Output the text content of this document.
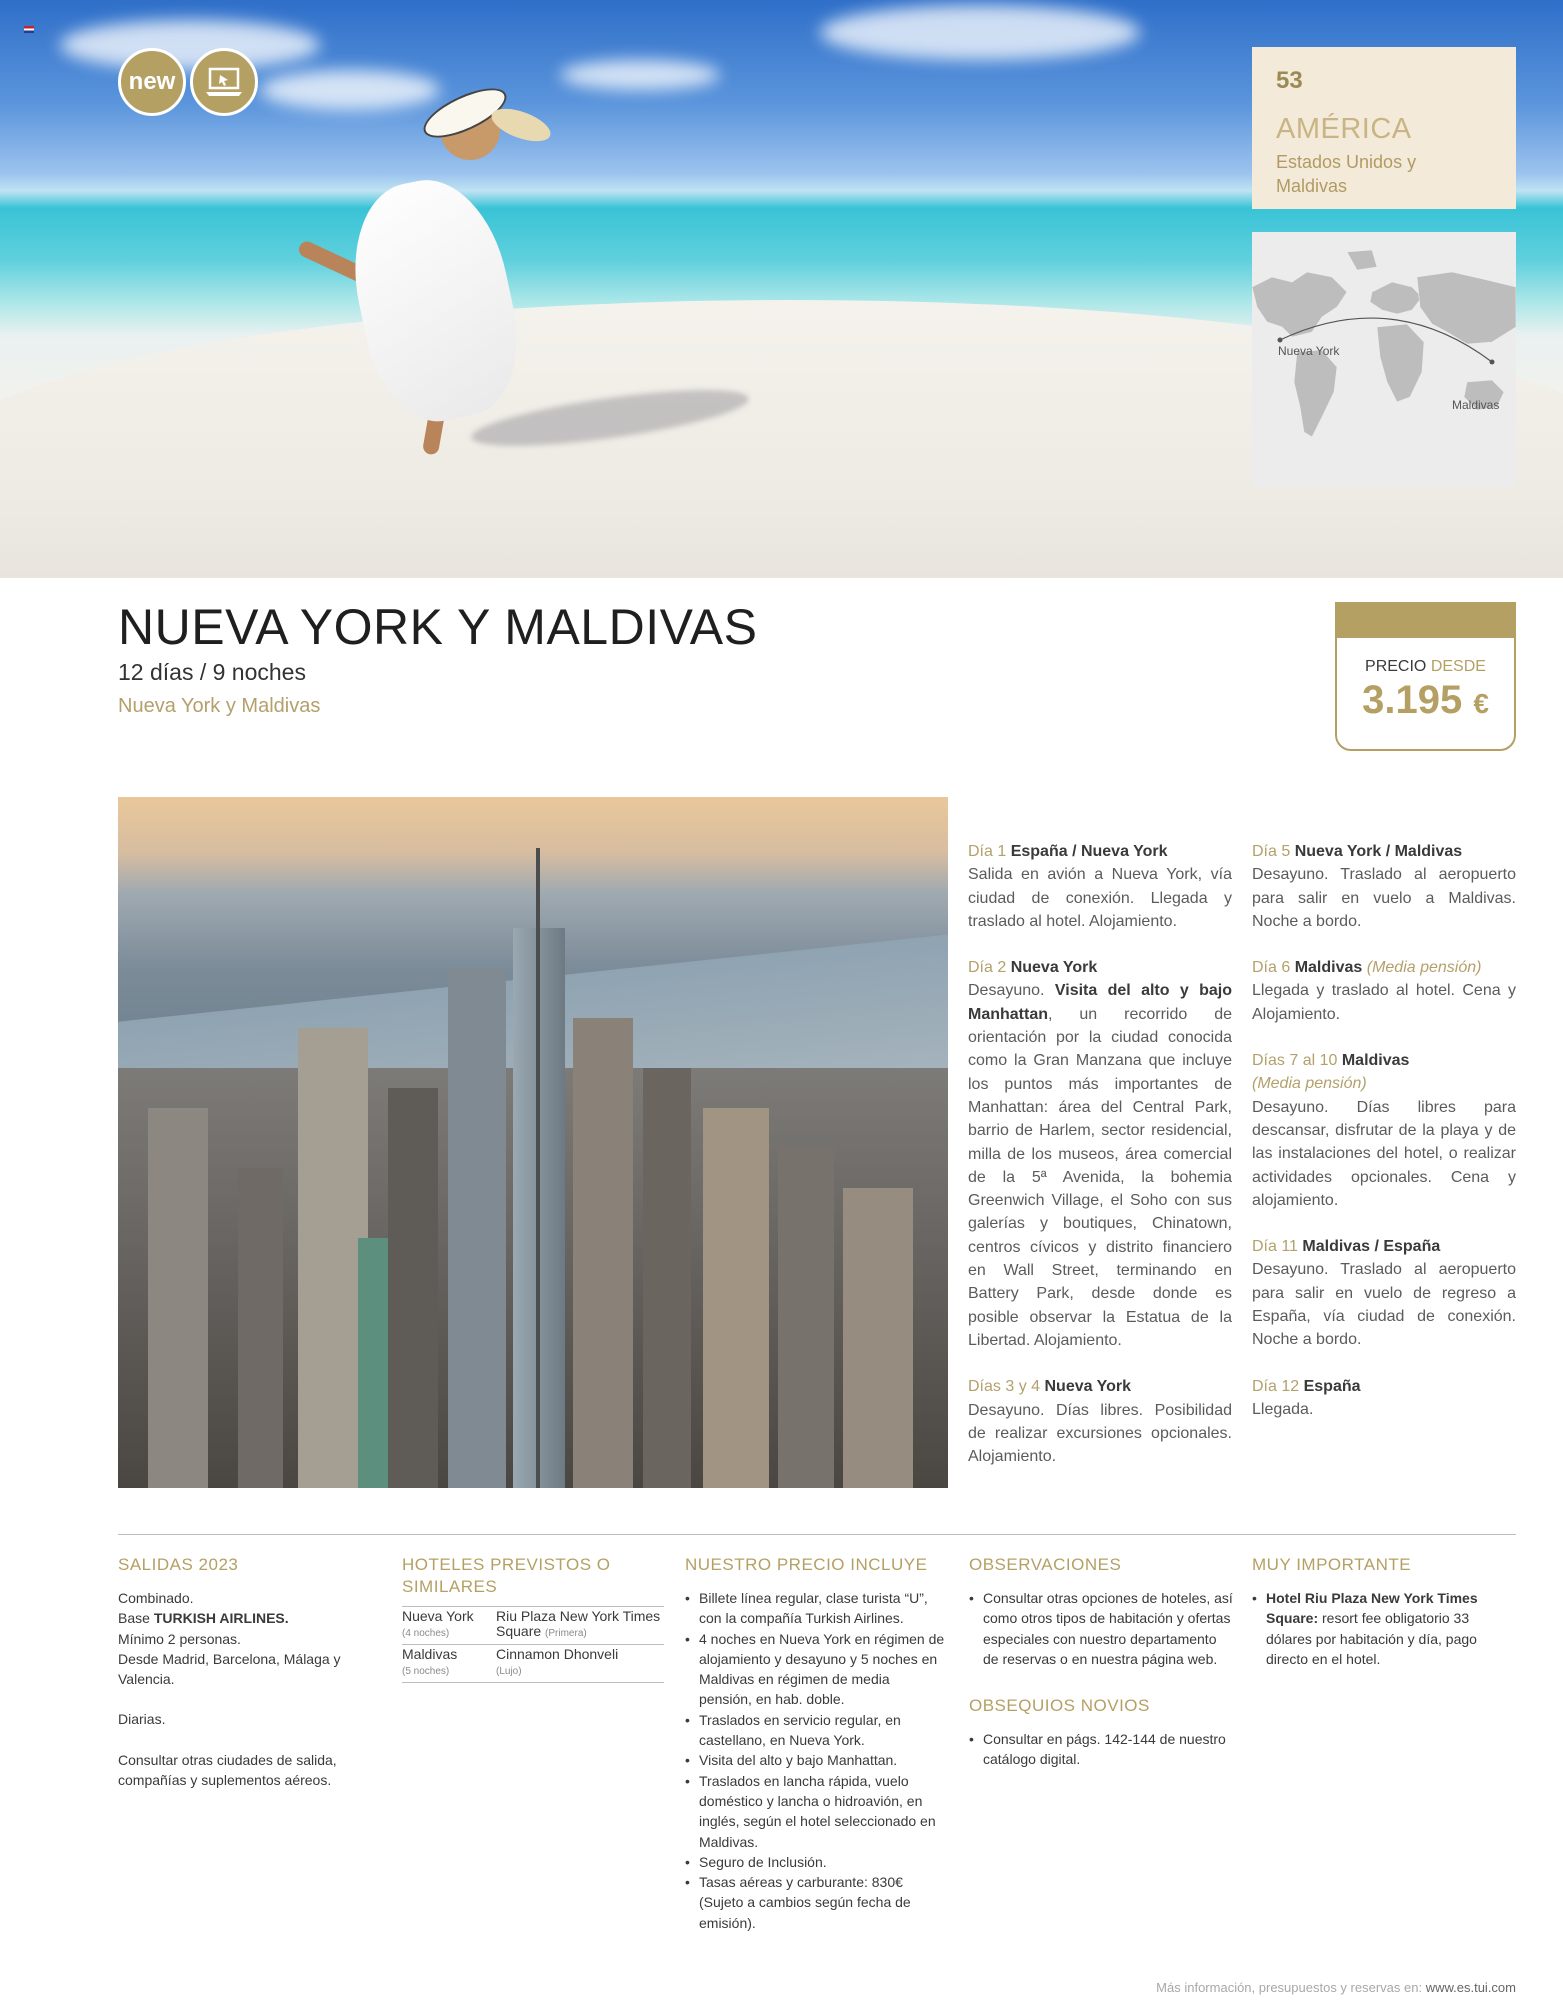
new	53
AMÉRICA
Estados Unidos y Maldivas
Nueva York
Maldivas
NUEVA YORK Y MALDIVAS
12 días / 9 noches
Nueva York y Maldivas
PRECIO DESDE
3.195 €
Día 1 España / Nueva York
Salida en avión a Nueva York, vía ciudad de conexión. Llegada y traslado al hotel. Alojamiento.
Día 2 Nueva York
Desayuno. Visita del alto y bajo Manhattan, un recorrido de orientación por la ciudad conocida como la Gran Manzana que incluye los puntos más importantes de Manhattan: área del Central Park, barrio de Harlem, sector residencial, milla de los museos, área comercial de la 5ª Avenida, la bohemia Greenwich Village, el Soho con sus galerías y boutiques, Chinatown, centros cívicos y distrito financiero en Wall Street, terminando en Battery Park, desde donde es posible observar la Estatua de la Libertad. Alojamiento.
Días 3 y 4 Nueva York
Desayuno. Días libres. Posibilidad de realizar excursiones opcionales. Alojamiento.
Día 5 Nueva York / Maldivas
Desayuno. Traslado al aeropuerto para salir en vuelo a Maldivas. Noche a bordo.
Día 6 Maldivas (Media pensión)
Llegada y traslado al hotel. Cena y Alojamiento.
Días 7 al 10 Maldivas
(Media pensión)
Desayuno. Días libres para descansar, disfrutar de la playa y de las instalaciones del hotel, o realizar actividades opcionales. Cena y alojamiento.
Día 11 Maldivas / España
Desayuno. Traslado al aeropuerto para salir en vuelo de regreso a España, vía ciudad de conexión. Noche a bordo.
Día 12 España
Llegada.
SALIDAS 2023

Combinado.

Base TURKISH AIRLINES.

Mínimo 2 personas.

Desde Madrid, Barcelona, Málaga y Valencia.

Diarias.

Consultar otras ciudades de salida, compañías y suplementos aéreos.

HOTELES PREVISTOS O SIMILARES
Nueva York
(4 noches)	Riu Plaza New York Times Square (Primera)
Maldivas
(5 noches)	Cinnamon Dhonveli
(Lujo)
NUESTRO PRECIO INCLUYE
• Billete línea regular, clase turista “U”, con la compañía Turkish Airlines.
• 4 noches en Nueva York en régimen de alojamiento y desayuno y 5 noches en Maldivas en régimen de media pensión, en hab. doble.
• Traslados en servicio regular, en castellano, en Nueva York.
• Visita del alto y bajo Manhattan.
• Traslados en lancha rápida, vuelo doméstico y lancha o hidroavión, en inglés, según el hotel seleccionado en Maldivas.
• Seguro de Inclusión.
• Tasas aéreas y carburante: 830€ (Sujeto a cambios según fecha de emisión).
OBSERVACIONES
• Consultar otras opciones de hoteles, así como otros tipos de habitación y ofertas especiales con nuestro departamento de reservas o en nuestra página web.
OBSEQUIOS NOVIOS
• Consultar en págs. 142-144 de nuestro catálogo digital.
MUY IMPORTANTE
• Hotel Riu Plaza New York Times Square: resort fee obligatorio 33 dólares por habitación y día, pago directo en el hotel.
Más información, presupuestos y reservas en: www.es.tui.com
